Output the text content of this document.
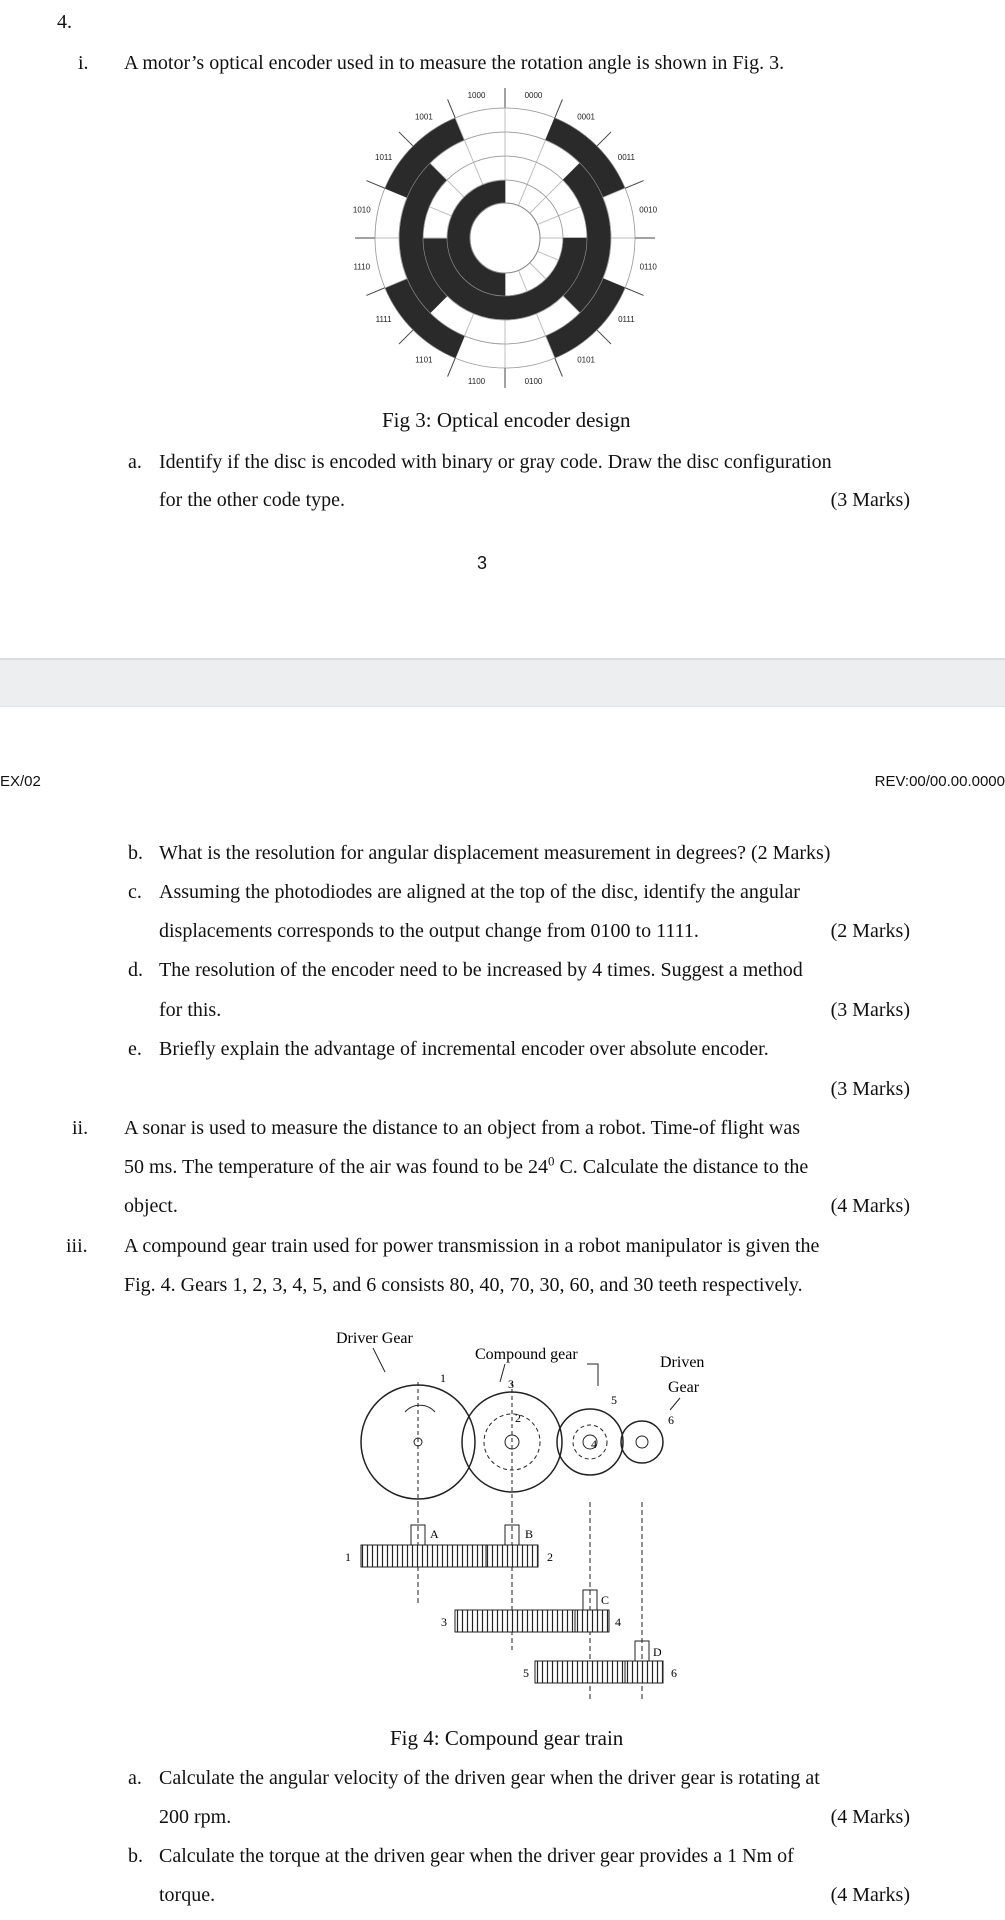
4.
i. A motor’s optical encoder used in to measure the rotation angle is shown in Fig. 3.
0000
0001
0011
0010
0110
0111
0101
0100
1100
1101
1111
1110
1010
1011
1001
1000
Fig 3: Optical encoder design
a. Identify if the disc is encoded with binary or gray code. Draw the disc configuration
for the other code type.	(3 Marks)
3
EX/02	REV:00/00.00.0000
b. What is the resolution for angular displacement measurement in degrees? (2 Marks)
c. Assuming the photodiodes are aligned at the top of the disc, identify the angular
displacements corresponds to the output change from 0100 to 1111.	(2 Marks)
d. The resolution of the encoder need to be increased by 4 times. Suggest a method
for this.	(3 Marks)
e. Briefly explain the advantage of incremental encoder over absolute encoder.
(3 Marks)
ii. A sonar is used to measure the distance to an object from a robot. Time-of flight was
50 ms. The temperature of the air was found to be $24^0$ C. Calculate the distance to the
object.	(4 Marks)
iii. A compound gear train used for power transmission in a robot manipulator is given the
Fig. 4. Gears 1, 2, 3, 4, 5, and 6 consists 80, 40, 70, 30, 60, and 30 teeth respectively.
Driver Gear
Compound gear	Driven
Gear
1	3
2
4
5
6
A	B
C
D
1	2
3	4
5	6
Fig 4: Compound gear train
a. Calculate the angular velocity of the driven gear when the driver gear is rotating at
200 rpm.	(4 Marks)
b. Calculate the torque at the driven gear when the driver gear provides a 1 Nm of
torque.	(4 Marks)
